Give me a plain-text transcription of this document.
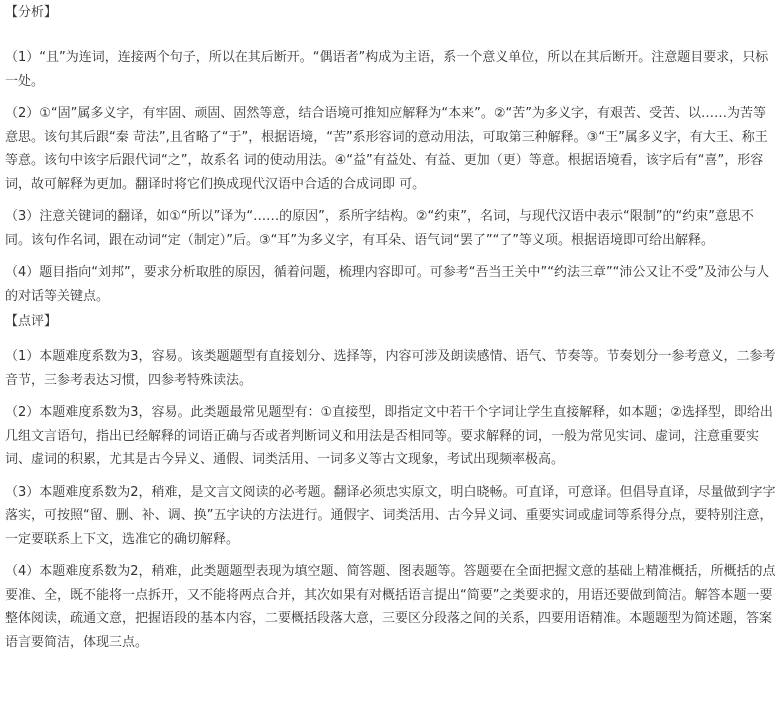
【分析】

（1）“且”为连词，连接两个句子，所以在其后断开。“偶语者”构成为主语，系一个意义单位，所以在其后断开。注意题目要求，只标一处。

（2）①“固”属多义字，有牢固、顽固、固然等意，结合语境可推知应解释为“本来”。②“苦”为多义字，有艰苦、受苦、以……为苦等意思。该句其后跟“秦 苛法”,且省略了“于”，根据语境，“苦”系形容词的意动用法，可取第三种解释。③“王”属多义字，有大王、称王等意。该句中该字后跟代词“之”，故系名 词的使动用法。④“益”有益处、有益、更加（更）等意。根据语境看，该字后有“喜”，形容词，故可解释为更加。翻译时将它们换成现代汉语中合适的合成词即 可。

（3）注意关键词的翻译，如①“所以”译为“……的原因”，系所字结构。②“约束”，名词，与现代汉语中表示“限制”的“约束”意思不同。该句作名词，跟在动词“定（制定）”后。③“耳”为多义字，有耳朵、语气词“罢了”“了”等义项。根据语境即可给出解释。

（4）题目指向“刘邦”，要求分析取胜的原因，循着问题，梳理内容即可。可参考“吾当王关中”“约法三章”“沛公又让不受”及沛公与人的对话等关键点。

【点评】

（1）本题难度系数为3，容易。该类题题型有直接划分、选择等，内容可涉及朗读感情、语气、节奏等。节奏划分一参考意义，二参考音节，三参考表达习惯，四参考特殊读法。

（2）本题难度系数为3，容易。此类题最常见题型有：①直接型，即指定文中若干个字词让学生直接解释，如本题；②选择型，即给出几组文言语句，指出已经解释的词语正确与否或者判断词义和用法是否相同等。要求解释的词，一般为常见实词、虚词，注意重要实词、虚词的积累，尤其是古今异义、通假、词类活用、一词多义等古文现象，考试出现频率极高。

（3）本题难度系数为2，稍难，是文言文阅读的必考题。翻译必须忠实原文，明白晓畅。可直译，可意译。但倡导直译，尽量做到字字落实，可按照“留、删、补、调、换”五字诀的方法进行。通假字、词类活用、古今异义词、重要实词或虚词等系得分点，要特别注意，一定要联系上下文，选准它的确切解释。

（4）本题难度系数为2，稍难，此类题题型表现为填空题、简答题、图表题等。答题要在全面把握文意的基础上精准概括，所概括的点要准、全，既不能将一点拆开，又不能将两点合并，其次如果有对概括语言提出“简要”之类要求的，用语还要做到简洁。解答本题一要整体阅读，疏通文意，把握语段的基本内容，二要概括段落大意，三要区分段落之间的关系，四要用语精准。本题题型为简述题，答案语言要简洁，体现三点。
